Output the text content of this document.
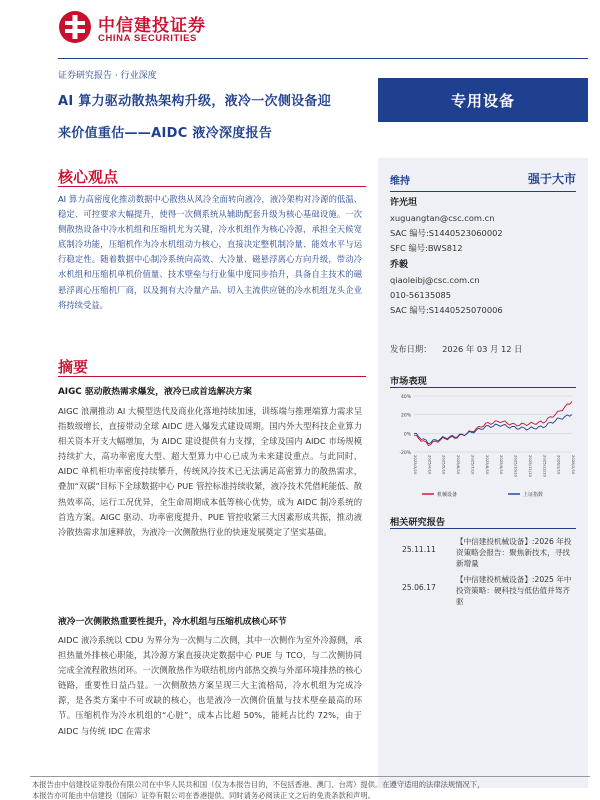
中信建投证券
CHINA SECURITIES
证券研究报告 · 行业深度
AI 算力驱动散热架构升级，液冷一次侧设备迎
来价值重估——AIDC 液冷深度报告
专用设备
维持	强于大市
许光坦
xuguangtan@csc.com.cn
SAC 编号:S1440523060002
SFC 编号:BWS812
乔毅
qiaoleibj@csc.com.cn
010-56135085
SAC 编号:S1440525070006
发布日期： 2026 年 03 月 12 日
市场表现
40%
20%
0%
-20%
2025/3/10 2025/4/10 2025/5/10 2025/6/10 2025/7/10 2025/8/10 2025/9/10 2025/10/10 2025/11/10 2025/12/10 2026/1/10 2026/2/10
机械设备	上证指数
相关研究报告
25.11.11
【中信建投机械设备】:2026 年投资策略会报告：聚焦新技术，寻找新增量
25.06.17
【中信建投机械设备】:2025 年中投资策略：硬科技与低估值并驾齐驱
核心观点
AI 算力高密度化推动数据中心散热从风冷全面转向液冷，液冷架构对冷源的低温、稳定、可控要求大幅提升，使得一次侧系统从辅助配套升级为核心基础设施。一次侧散热设备中冷水机组和压缩机尤为关键，冷水机组作为核心冷源，承担全天候宽底制冷功能，压缩机作为冷水机组动力核心，直接决定整机制冷量、能效水平与运行稳定性。随着数据中心制冷系统向高效、大冷量、磁悬浮离心方向升级，带动冷水机组和压缩机单机价值量、技术壁垒与行业集中度同步抬升，具备自主技术的磁悬浮离心压缩机厂商，以及拥有大冷量产品、切入主流供应链的冷水机组龙头企业将持续受益。
摘要
AIGC 驱动散热需求爆发，液冷已成首选解决方案
AIGC 浪潮推动 AI 大模型迭代及商业化落地持续加速，训练端与推理端算力需求呈指数级增长，直接带动全球 AIDC 进入爆发式建设周期。国内外大型科技企业算力相关资本开支大幅增加，为 AIDC 建设提供有力支撑，全球及国内 AIDC 市场规模持续扩大，高功率密度大型、超大型算力中心已成为未来建设重点。与此同时，AIDC 单机柜功率密度持续攀升，传统风冷技术已无法满足高密算力的散热需求，叠加“双碳”目标下全球数据中心 PUE 管控标准持续收紧，液冷技术凭借耗能低、散热效率高，运行工况优异，全生命周期成本低等核心优势，成为 AIDC 制冷系统的首选方案。AIGC 驱动、功率密度提升、PUE 管控收紧三大因素形成共振，推动液冷散热需求加速释放，为液冷一次侧散热行业的快速发展奠定了坚实基础。
液冷一次侧散热重要性提升，冷水机组与压缩机成核心环节
AIDC 液冷系统以 CDU 为界分为一次侧与二次侧，其中一次侧作为室外冷源侧，承担热量外排核心职能，其冷源方案直接决定数据中心 PUE 与 TCO，与二次侧协同完成全流程散热闭环。一次侧散热作为联结机房内部热交换与外部环境排热的核心链路，重要性日益凸显。一次侧散热方案呈现三大主流格局，冷水机组为完成冷源，是各类方案中不可或缺的核心，也是液冷一次侧价值量与技术壁垒最高的环节。压缩机作为冷水机组的“心脏”，成本占比超 50%，能耗占比约 72%，由于 AIDC 与传统 IDC 在需求
本报告由中信建投证券股份有限公司在中华人民共和国（仅为本报告目的，不包括香港、澳门、台湾）提供。在遵守适用的法律法规情况下，
本报告亦可能由中信建投（国际）证券有限公司在香港提供。同时请务必阅读正文之后的免责条款和声明。
